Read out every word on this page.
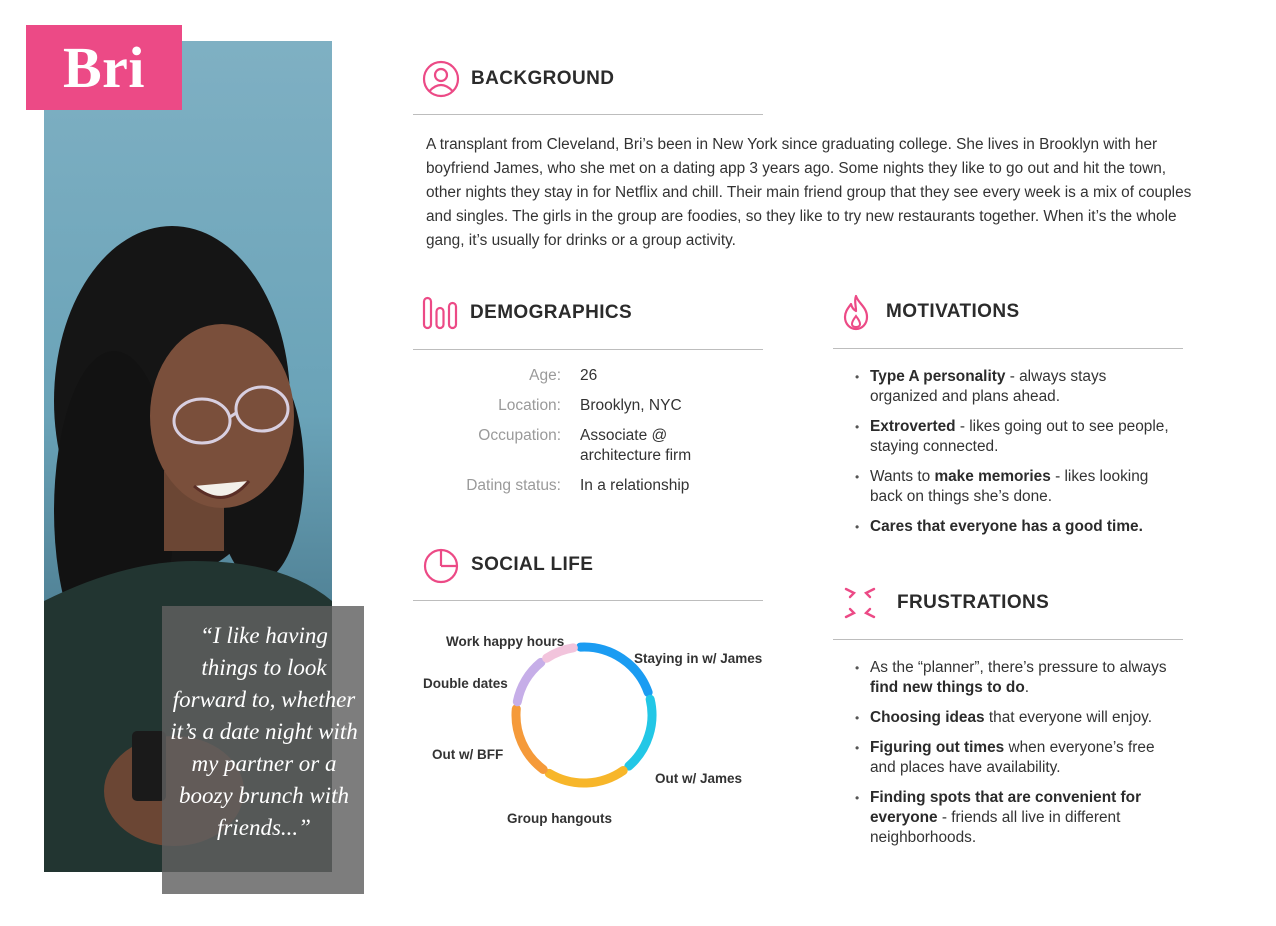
Bri
“I like having things to look forward to, whether it’s a date night with my partner or a boozy brunch with friends...”
BACKGROUND
A transplant from Cleveland, Bri’s been in New York since graduating college. She lives in Brooklyn with her boyfriend James, who she met on a dating app 3 years ago. Some nights they like to go out and hit the town, other nights they stay in for Netflix and chill. Their main friend group that they see every week is a mix of couples and singles. The girls in the group are foodies, so they like to try new restaurants together. When it’s the whole gang, it’s usually for drinks or a group activity.
DEMOGRAPHICS
Age:	26
Location:	Brooklyn, NYC
Occupation:	Associate @ architecture firm
Dating status:	In a relationship
SOCIAL LIFE
Staying in w/ James
Out w/ James
Group hangouts
Out w/ BFF
Double dates
Work happy hours
MOTIVATIONS
• Type A personality - always stays organized and plans ahead.
• Extroverted - likes going out to see people, staying connected.
• Wants to make memories - likes looking back on things she’s done.
• Cares that everyone has a good time.
FRUSTRATIONS
• As the “planner”, there’s pressure to always find new things to do.
• Choosing ideas that everyone will enjoy.
• Figuring out times when everyone’s free and places have availability.
• Finding spots that are convenient for everyone - friends all live in different neighborhoods.
